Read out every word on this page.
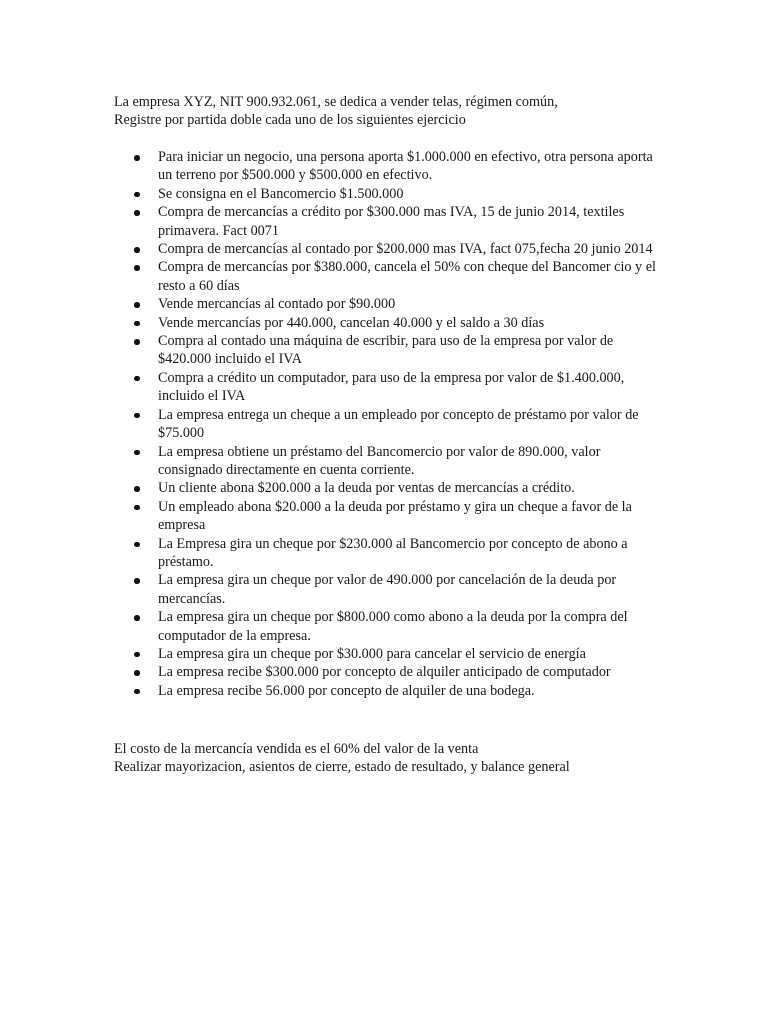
La empresa XYZ, NIT 900.932.061, se dedica a vender telas, régimen común,

Registre por partida doble cada uno de los siguientes ejercicio

Para iniciar un negocio, una persona aporta $1.000.000 en efectivo, otra persona aporta un terreno por $500.000 y $500.000 en efectivo.
Se consigna en el Bancomercio $1.500.000
Compra de mercancías a crédito por $300.000 mas IVA, 15 de junio 2014, textiles primavera. Fact 0071
Compra de mercancías al contado por $200.000 mas IVA, fact 075,fecha 20 junio 2014
Compra de mercancías por $380.000, cancela el 50% con cheque del Bancomer cio y el resto a 60 días
Vende mercancías al contado por $90.000
Vende mercancías por 440.000, cancelan 40.000 y el saldo a 30 días
Compra al contado una máquina de escribir, para uso de la empresa por valor de $420.000 incluido el IVA
Compra a crédito un computador, para uso de la empresa por valor de $1.400.000, incluido el IVA
La empresa entrega un cheque a un empleado por concepto de préstamo por valor de $75.000
La empresa obtiene un préstamo del Bancomercio por valor de 890.000, valor consignado directamente en cuenta corriente.
Un cliente abona $200.000 a la deuda por ventas de mercancías a crédito.
Un empleado abona $20.000 a la deuda por préstamo y gira un cheque a favor de la empresa
La Empresa gira un cheque por $230.000 al Bancomercio por concepto de abono a préstamo.
La empresa gira un cheque por valor de 490.000 por cancelación de la deuda por mercancías.
La empresa gira un cheque por $800.000 como abono a la deuda por la compra del computador de la empresa.
La empresa gira un cheque por $30.000 para cancelar el servicio de energía
La empresa recibe $300.000 por concepto de alquiler anticipado de computador
La empresa recibe 56.000 por concepto de alquiler de una bodega.

El costo de la mercancía vendida es el 60% del valor de la venta

Realizar mayorizacion, asientos de cierre, estado de resultado, y balance general
